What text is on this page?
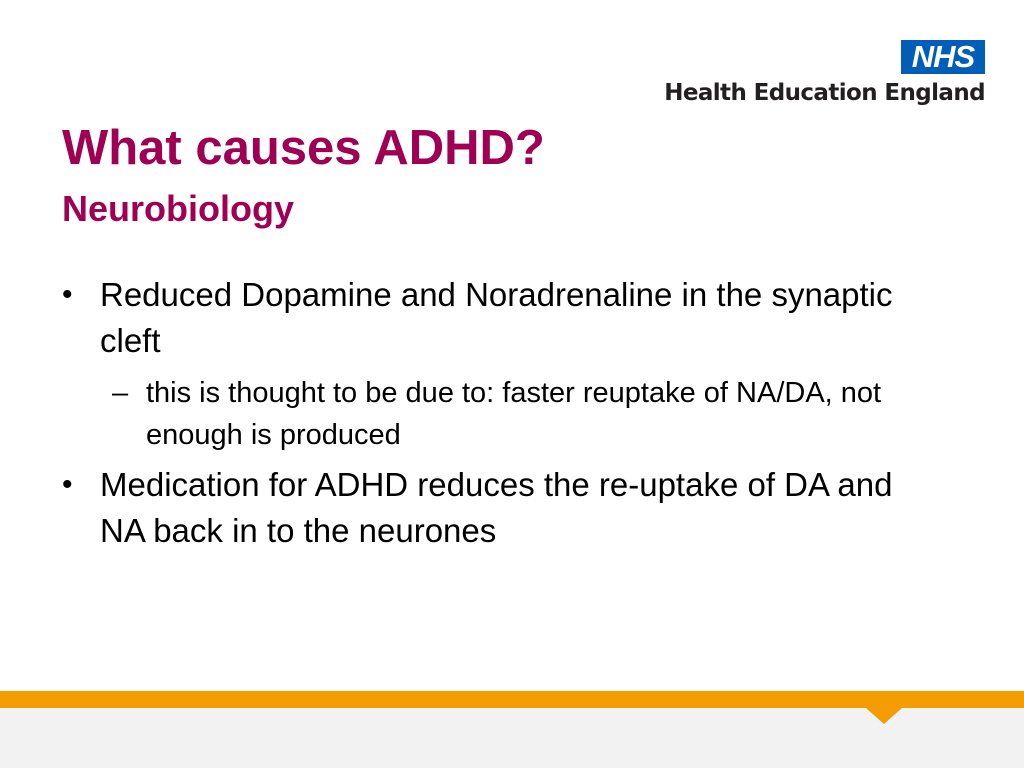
NHS
Health Education England
What causes ADHD?
Neurobiology
• Reduced Dopamine and Noradrenaline in the synaptic cleft
– this is thought to be due to: faster reuptake of NA/DA, not enough is produced
• Medication for ADHD reduces the re-uptake of DA and NA back in to the neurones
